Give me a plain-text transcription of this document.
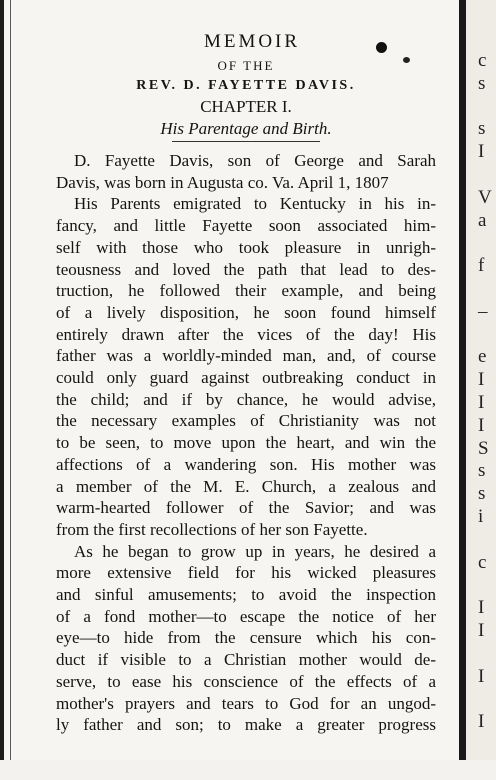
c
s
s
I
V
a
f
–
e
I
I
I
S
s
s
i
c
I
I
I
I
MEMOIR
OF THE
REV. D. FAYETTE DAVIS.
CHAPTER I.
His Parentage and Birth.

D. Fayette Davis, son of George and Sarah

Davis, was born in Augusta co. Va. April 1, 1807

His Parents emigrated to Kentucky in his in-

fancy, and little Fayette soon associated him-

self with those who took pleasure in unrigh-

teousness and loved the path that lead to des-

truction, he followed their example, and being

of a lively disposition, he soon found himself

entirely drawn after the vices of the day! His

father was a worldly-minded man, and, of course

could only guard against outbreaking conduct in

the child; and if by chance, he would advise,

the necessary examples of Christianity was not

to be seen, to move upon the heart, and win the

affections of a wandering son. His mother was

a member of the M. E. Church, a zealous and

warm-hearted follower of the Savior; and was

from the first recollections of her son Fayette.

As he began to grow up in years, he desired a

more extensive field for his wicked pleasures

and sinful amusements; to avoid the inspection

of a fond mother—to escape the notice of her

eye—to hide from the censure which his con-

duct if visible to a Christian mother would de-

serve, to ease his conscience of the effects of a

mother's prayers and tears to God for an ungod-

ly father and son; to make a greater progress
